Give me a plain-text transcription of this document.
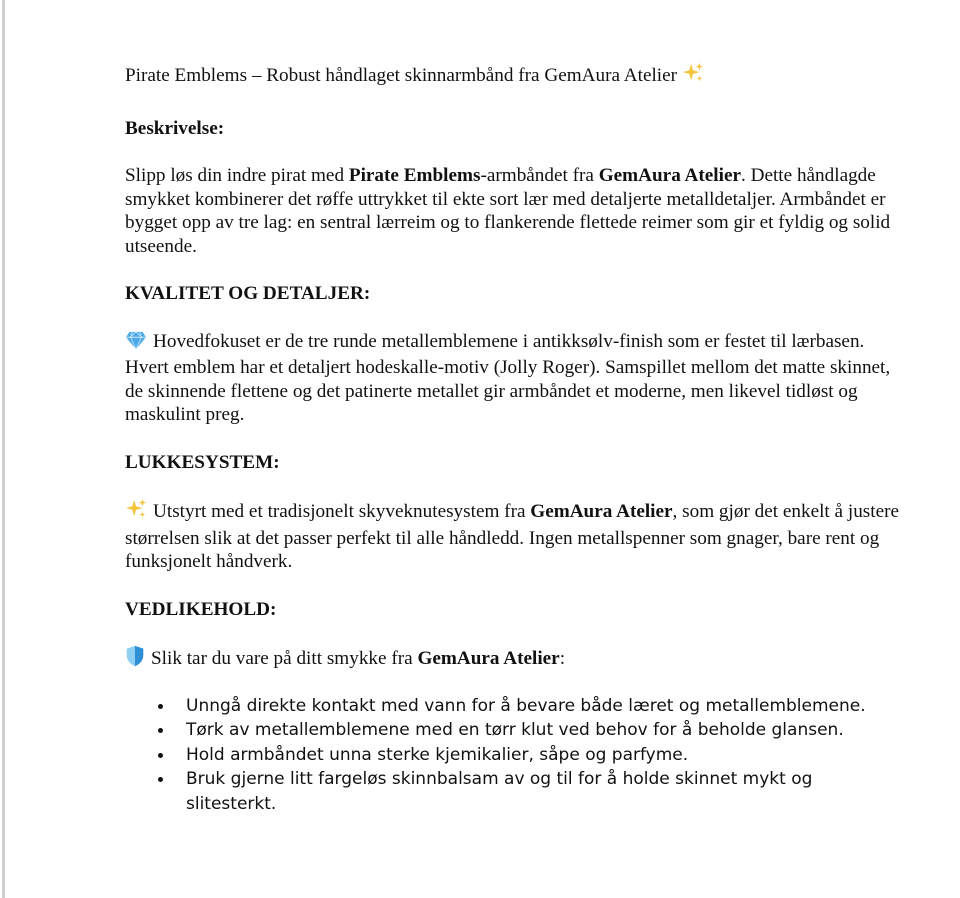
Pirate Emblems – Robust håndlaget skinnarmbånd fra GemAura Atelier

Beskrivelse:

Slipp løs din indre pirat med Pirate Emblems-armbåndet fra GemAura Atelier. Dette håndlagde smykket kombinerer det røffe uttrykket til ekte sort lær med detaljerte metalldetaljer. Armbåndet er bygget opp av tre lag: en sentral lærreim og to flankerende flettede reimer som gir et fyldig og solid utseende.

KVALITET OG DETALJER:

Hovedfokuset er de tre runde metallemblemene i antikksølv-finish som er festet til lærbasen. Hvert emblem har et detaljert hodeskalle-motiv (Jolly Roger). Samspillet mellom det matte skinnet, de skinnende flettene og det patinerte metallet gir armbåndet et moderne, men likevel tidløst og maskulint preg.

LUKKESYSTEM:

Utstyrt med et tradisjonelt skyveknutesystem fra GemAura Atelier, som gjør det enkelt å justere størrelsen slik at det passer perfekt til alle håndledd. Ingen metallspenner som gnager, bare rent og funksjonelt håndverk.

VEDLIKEHOLD:

Slik tar du vare på ditt smykke fra GemAura Atelier:

Unngå direkte kontakt med vann for å bevare både læret og metallemblemene.
Tørk av metallemblemene med en tørr klut ved behov for å beholde glansen.
Hold armbåndet unna sterke kjemikalier, såpe og parfyme.
Bruk gjerne litt fargeløs skinnbalsam av og til for å holde skinnet mykt og slitesterkt.
